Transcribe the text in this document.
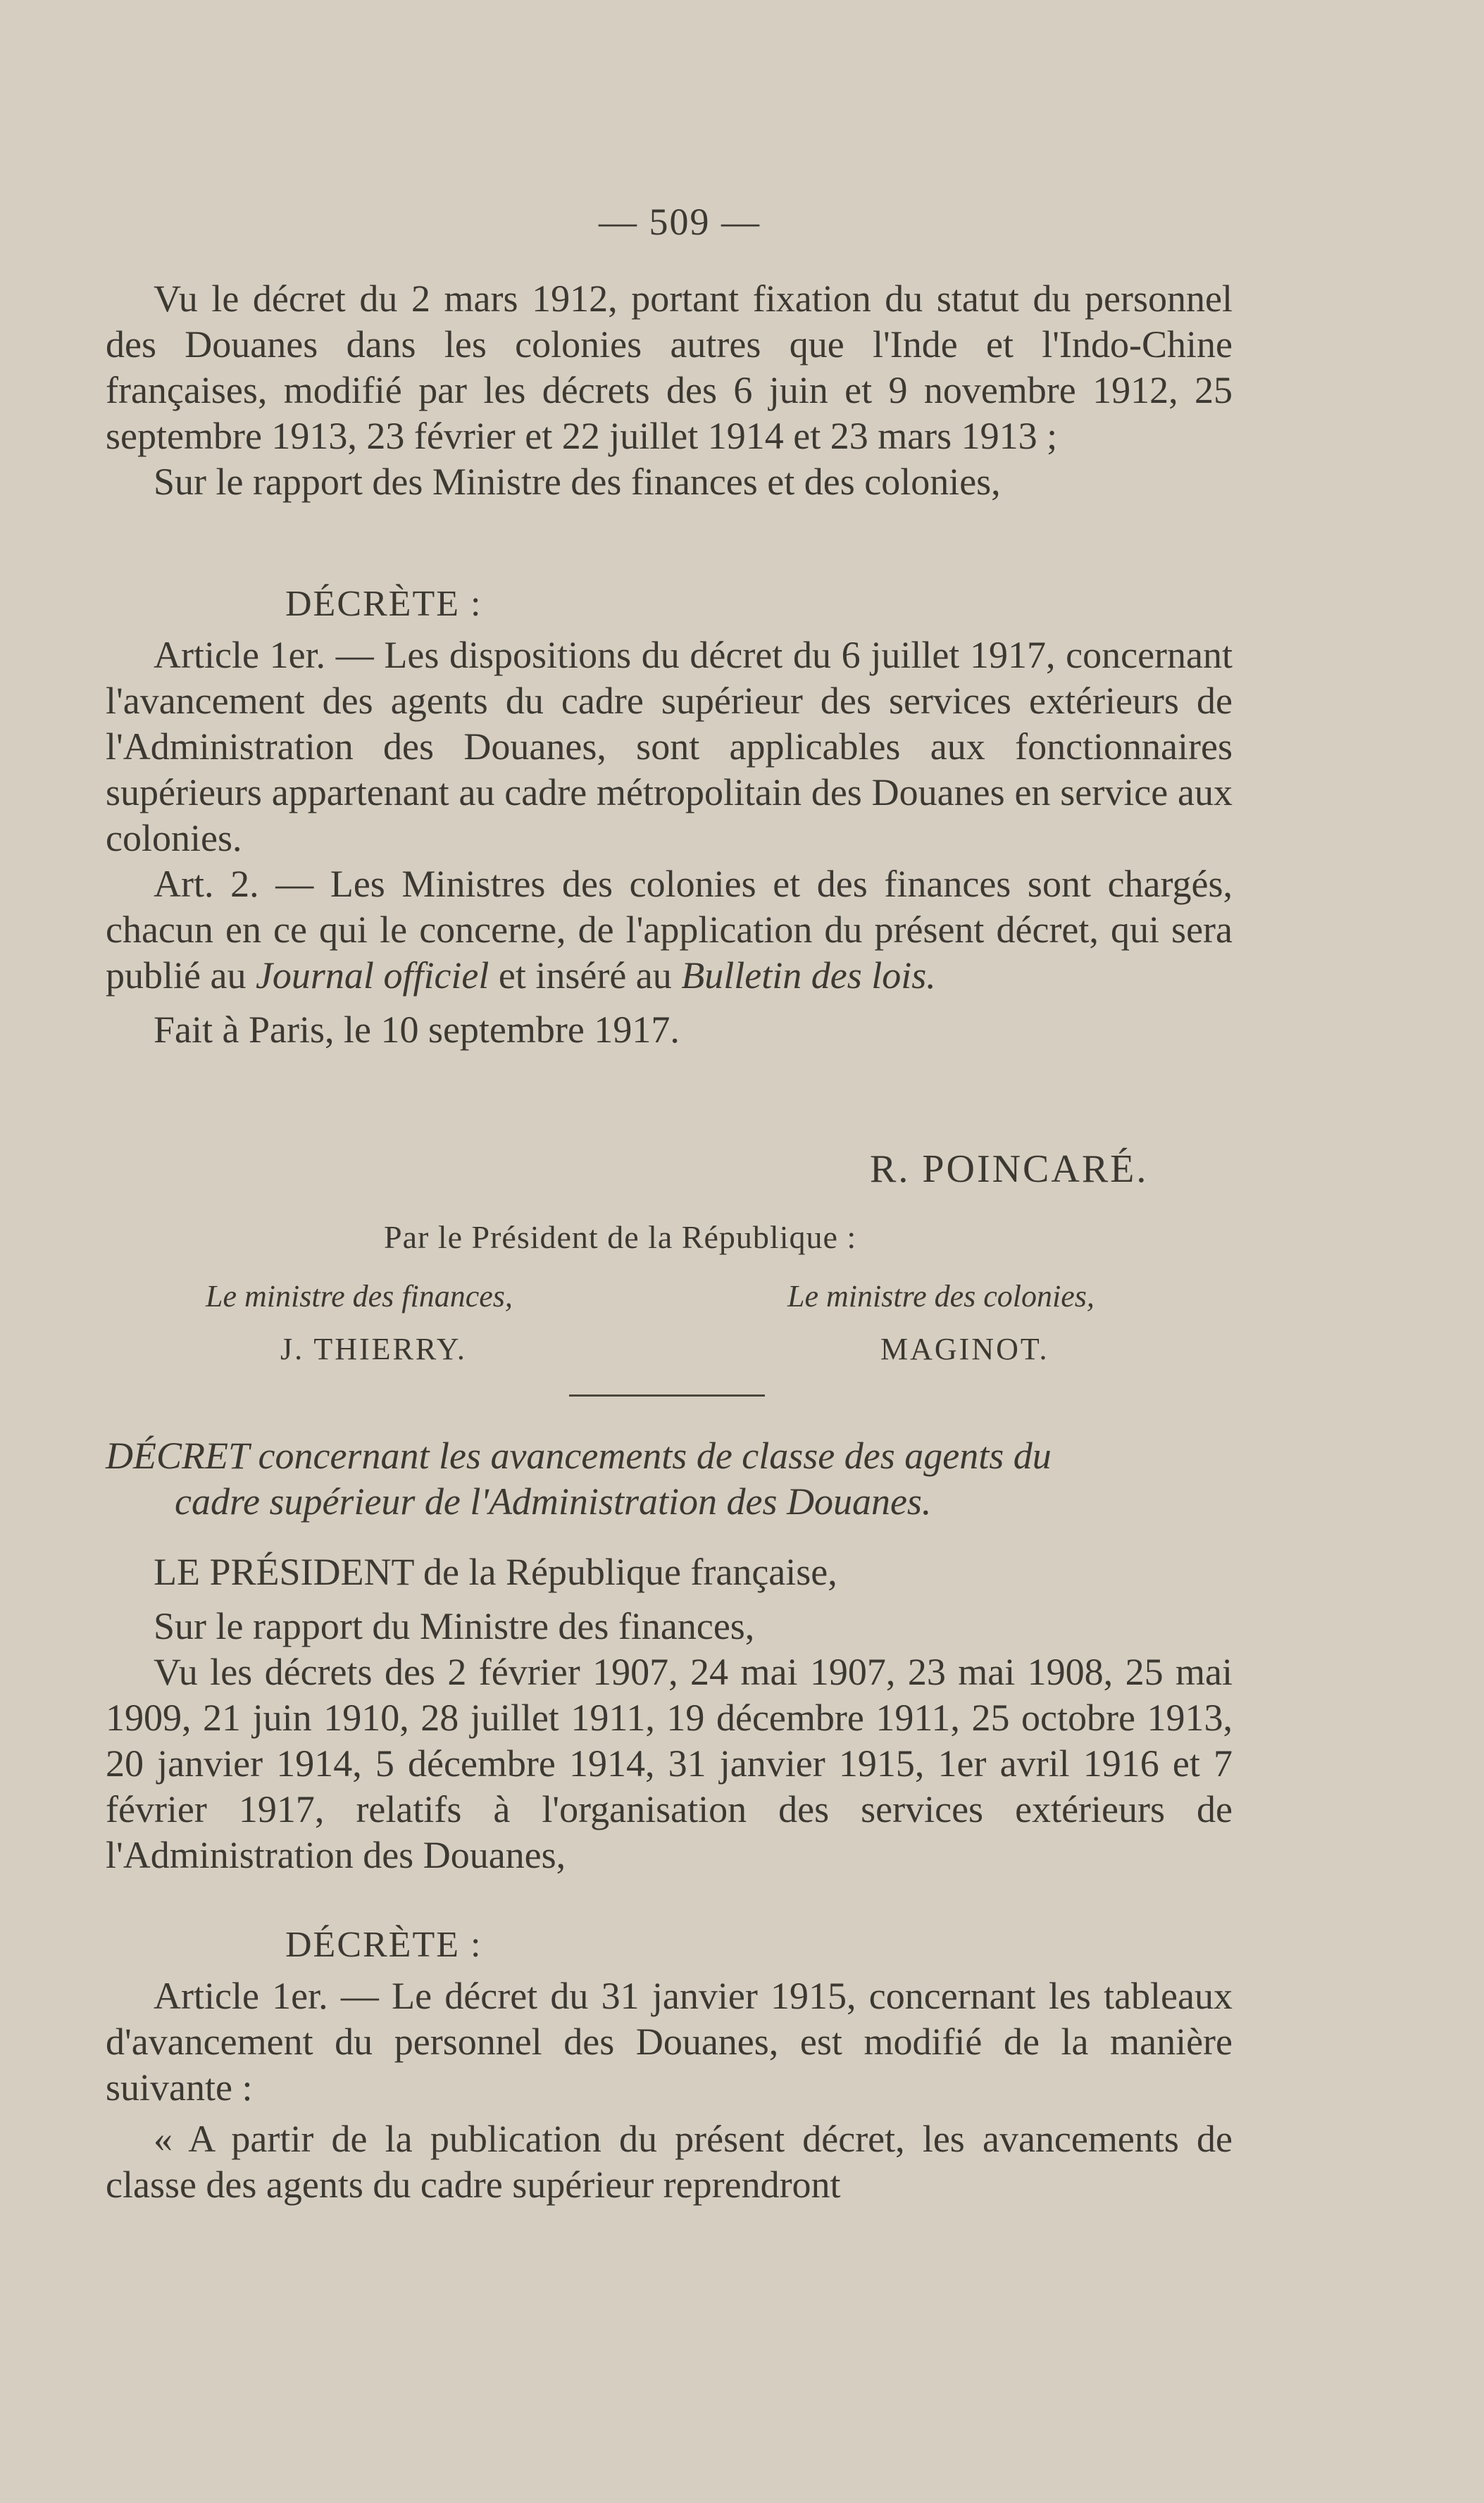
— 509 —

Vu le décret du 2 mars 1912, portant fixation du statut du personnel des Douanes dans les colonies autres que l'Inde et l'Indo-Chine françaises, modifié par les décrets des 6 juin et 9 novembre 1912, 25 septembre 1913, 23 février et 22 juillet 1914 et 23 mars 1913 ;

Sur le rapport des Ministre des finances et des colonies,

DÉCRÈTE :

Article 1er. — Les dispositions du décret du 6 juillet 1917, concernant l'avancement des agents du cadre supérieur des services extérieurs de l'Administration des Douanes, sont applicables aux fonctionnaires supérieurs appartenant au cadre métropolitain des Douanes en service aux colonies.

Art. 2. — Les Ministres des colonies et des finances sont chargés, chacun en ce qui le concerne, de l'application du présent décret, qui sera publié au Journal officiel et inséré au Bulletin des lois.

Fait à Paris, le 10 septembre 1917.

R. POINCARÉ.
Par le Président de la République :
Le ministre des finances,	Le ministre des colonies,
J. THIERRY.	MAGINOT.

DÉCRET concernant les avancements de classe des agents du

cadre supérieur de l'Administration des Douanes.

LE PRÉSIDENT de la République française,

Sur le rapport du Ministre des finances,

Vu les décrets des 2 février 1907, 24 mai 1907, 23 mai 1908, 25 mai 1909, 21 juin 1910, 28 juillet 1911, 19 décembre 1911, 25 octobre 1913, 20 janvier 1914, 5 décembre 1914, 31 janvier 1915, 1er avril 1916 et 7 février 1917, relatifs à l'organisation des services extérieurs de l'Administration des Douanes,

DÉCRÈTE :

Article 1er. — Le décret du 31 janvier 1915, concernant les tableaux d'avancement du personnel des Douanes, est modifié de la manière suivante :

« A partir de la publication du présent décret, les avancements de classe des agents du cadre supérieur reprendront
